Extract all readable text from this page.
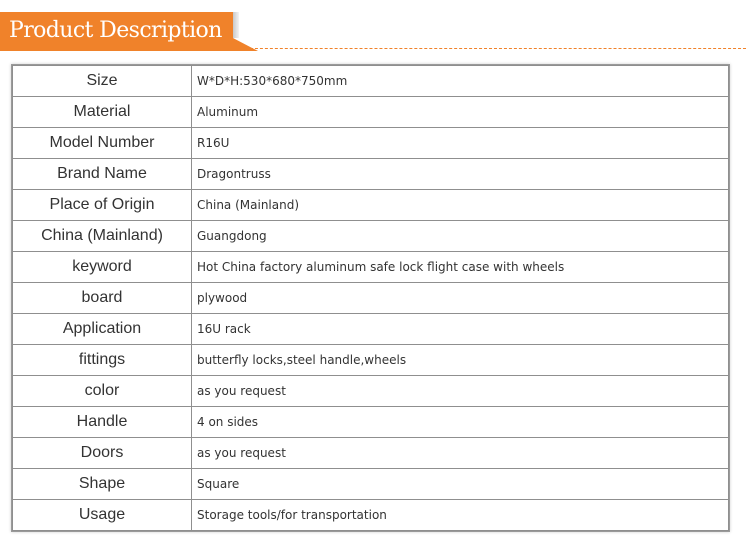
Product Description
Size	W*D*H:530*680*750mm
Material	Aluminum
Model Number	R16U
Brand Name	Dragontruss
Place of Origin	China (Mainland)
China (Mainland)	Guangdong
keyword	Hot China factory aluminum safe lock flight case with wheels
board	plywood
Application	16U rack
fittings	butterfly locks,steel handle,wheels
color	as you request
Handle	4 on sides
Doors	as you request
Shape	Square
Usage	Storage tools/for transportation
